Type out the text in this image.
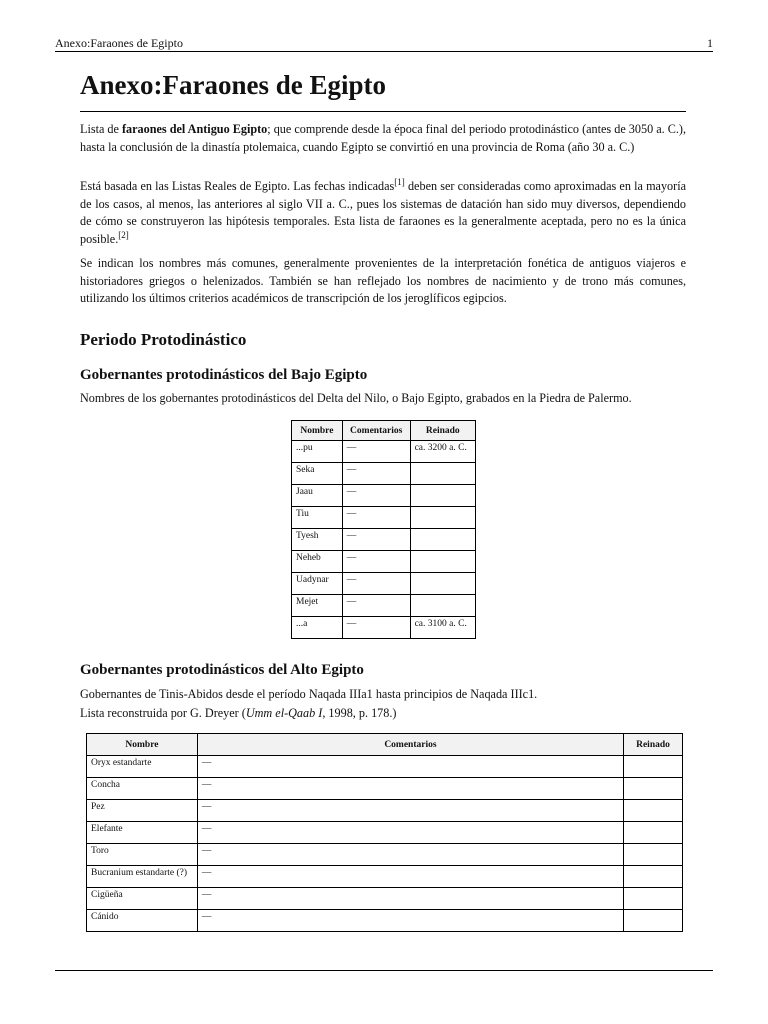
Anexo:Faraones de Egipto	1
Anexo:Faraones de Egipto

Lista de faraones del Antiguo Egipto; que comprende desde la época final del periodo protodinástico (antes de 3050 a. C.), hasta la conclusión de la dinastía ptolemaica, cuando Egipto se convirtió en una provincia de Roma (año 30 a. C.)

Está basada en las Listas Reales de Egipto. Las fechas indicadas[1] deben ser consideradas como aproximadas en la mayoría de los casos, al menos, las anteriores al siglo VII a. C., pues los sistemas de datación han sido muy diversos, dependiendo de cómo se construyeron las hipótesis temporales. Esta lista de faraones es la generalmente aceptada, pero no es la única posible.[2]

Se indican los nombres más comunes, generalmente provenientes de la interpretación fonética de antiguos viajeros e historiadores griegos o helenizados. También se han reflejado los nombres de nacimiento y de trono más comunes, utilizando los últimos criterios académicos de transcripción de los jeroglíficos egipcios.

Periodo Protodinástico
Gobernantes protodinásticos del Bajo Egipto

Nombres de los gobernantes protodinásticos del Delta del Nilo, o Bajo Egipto, grabados en la Piedra de Palermo.

Nombre	Comentarios	Reinado
...pu	—	ca. 3200 a. C.
Seka	—	
Jaau	—	
Tiu	—	
Tyesh	—	
Neheb	—	
Uadynar	—	
Mejet	—	
...a	—	ca. 3100 a. C.
Gobernantes protodinásticos del Alto Egipto

Gobernantes de Tinis-Abidos desde el período Naqada IIIa1 hasta principios de Naqada IIIc1.

Lista reconstruida por G. Dreyer (Umm el-Qaab I, 1998, p. 178.)

Nombre	Comentarios	Reinado
Oryx estandarte	—	
Concha	—	
Pez	—	
Elefante	—	
Toro	—	
Bucranium estandarte (?)	—	
Cigüeña	—	
Cánido	—	
